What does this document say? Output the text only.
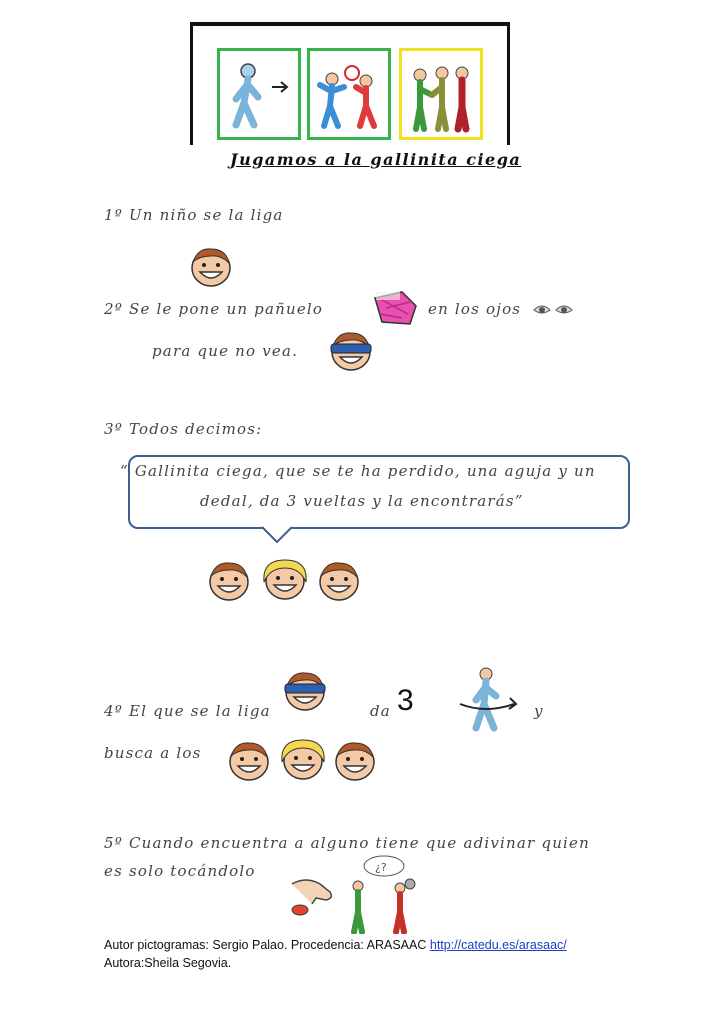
Jugamos a la gallinita ciega
1º Un niño se la liga
2º Se le pone un pañuelo	en los ojos
para que no vea.
3º Todos decimos:
“ Gallinita ciega, que se te ha perdido, una aguja y un
dedal, da 3 vueltas y la encontrarás”
4º El que se la liga	da 3	y
busca a los
5º Cuando encuentra a alguno tiene que adivinar quien
es solo tocándolo	¿?
Autor pictogramas: Sergio Palao. Procedencia: ARASAAC http://catedu.es/arasaac/
Autora:Sheila Segovia.
